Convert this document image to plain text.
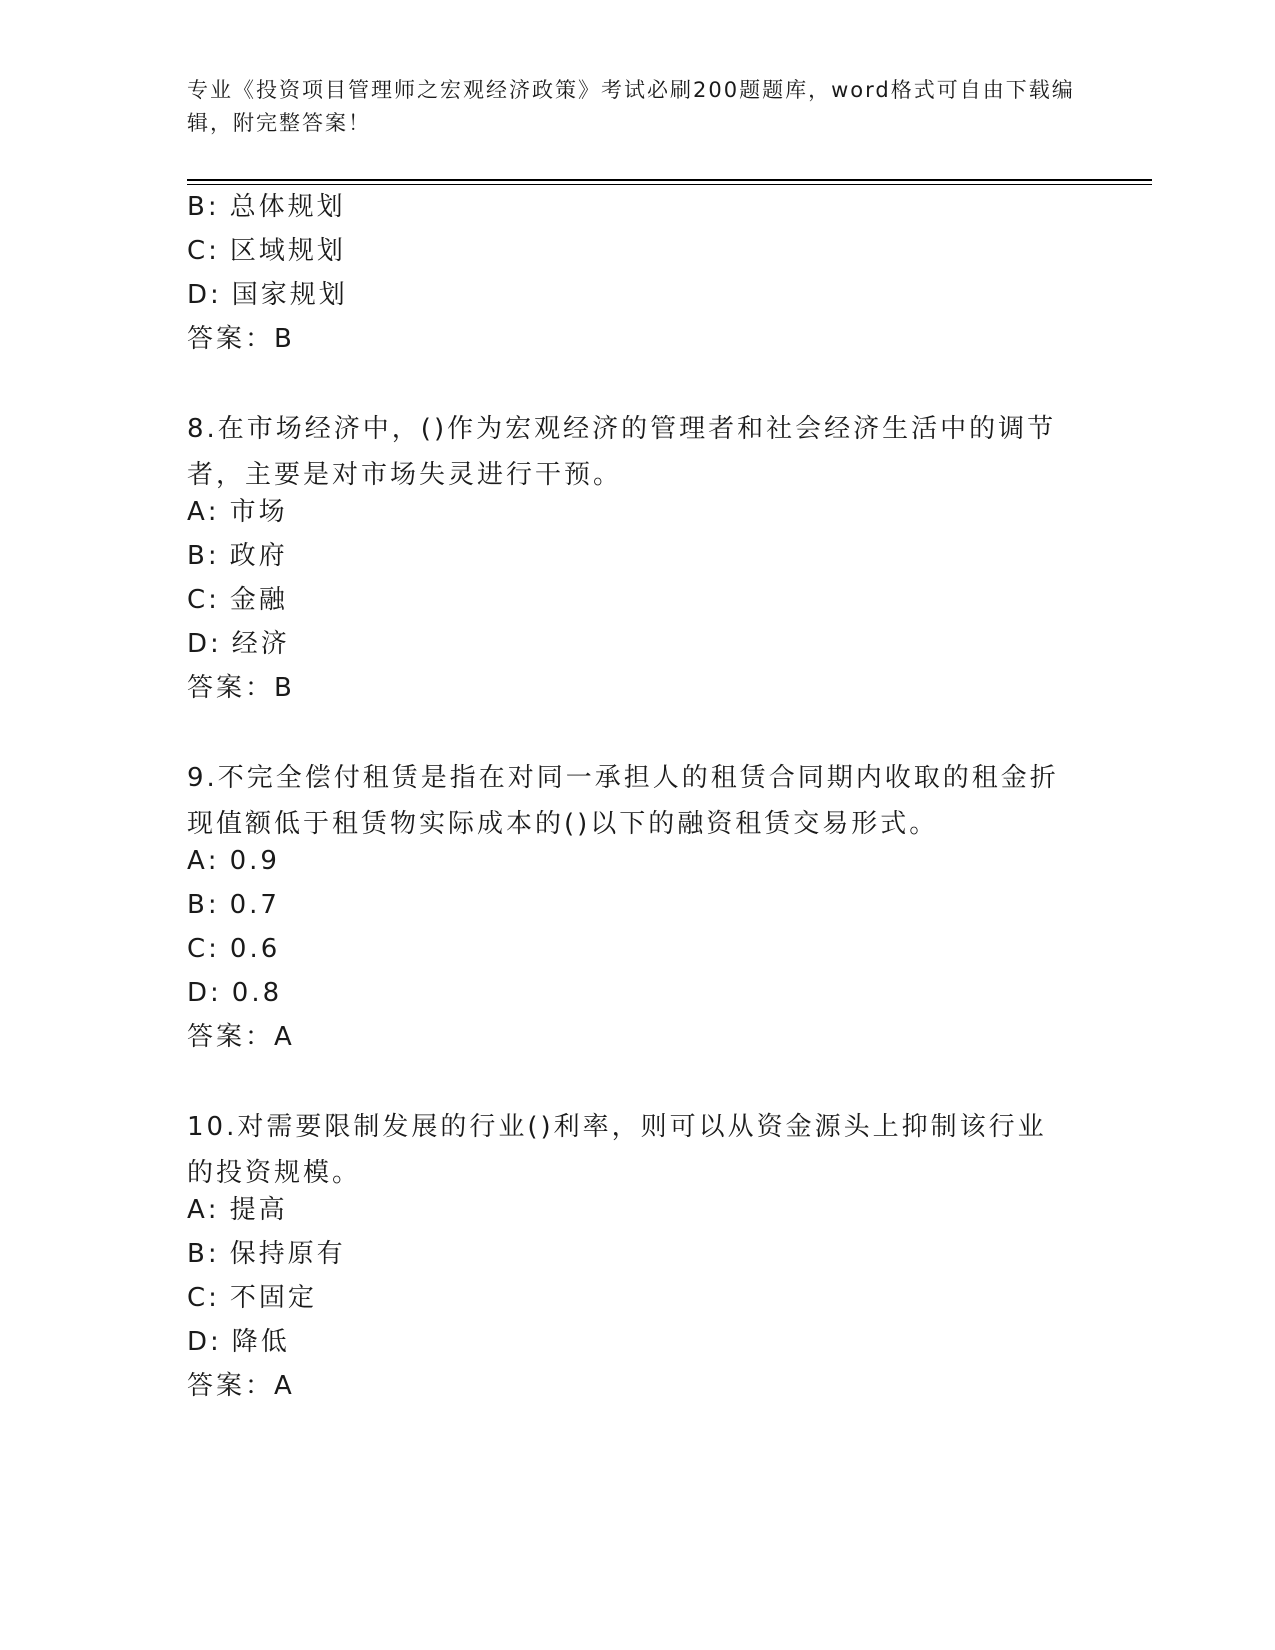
专业《投资项目管理师之宏观经济政策》考试必刷200题题库，word格式可自由下载编辑，附完整答案！
B: 总体规划
C: 区域规划
D: 国家规划
答案：B
8.在市场经济中，()作为宏观经济的管理者和社会经济生活中的调节者，主要是对市场失灵进行干预。
A: 市场
B: 政府
C: 金融
D: 经济
答案：B
9.不完全偿付租赁是指在对同一承担人的租赁合同期内收取的租金折现值额低于租赁物实际成本的()以下的融资租赁交易形式。
A: 0.9
B: 0.7
C: 0.6
D: 0.8
答案：A
10.对需要限制发展的行业()利率，则可以从资金源头上抑制该行业的投资规模。
A: 提高
B: 保持原有
C: 不固定
D: 降低
答案：A
